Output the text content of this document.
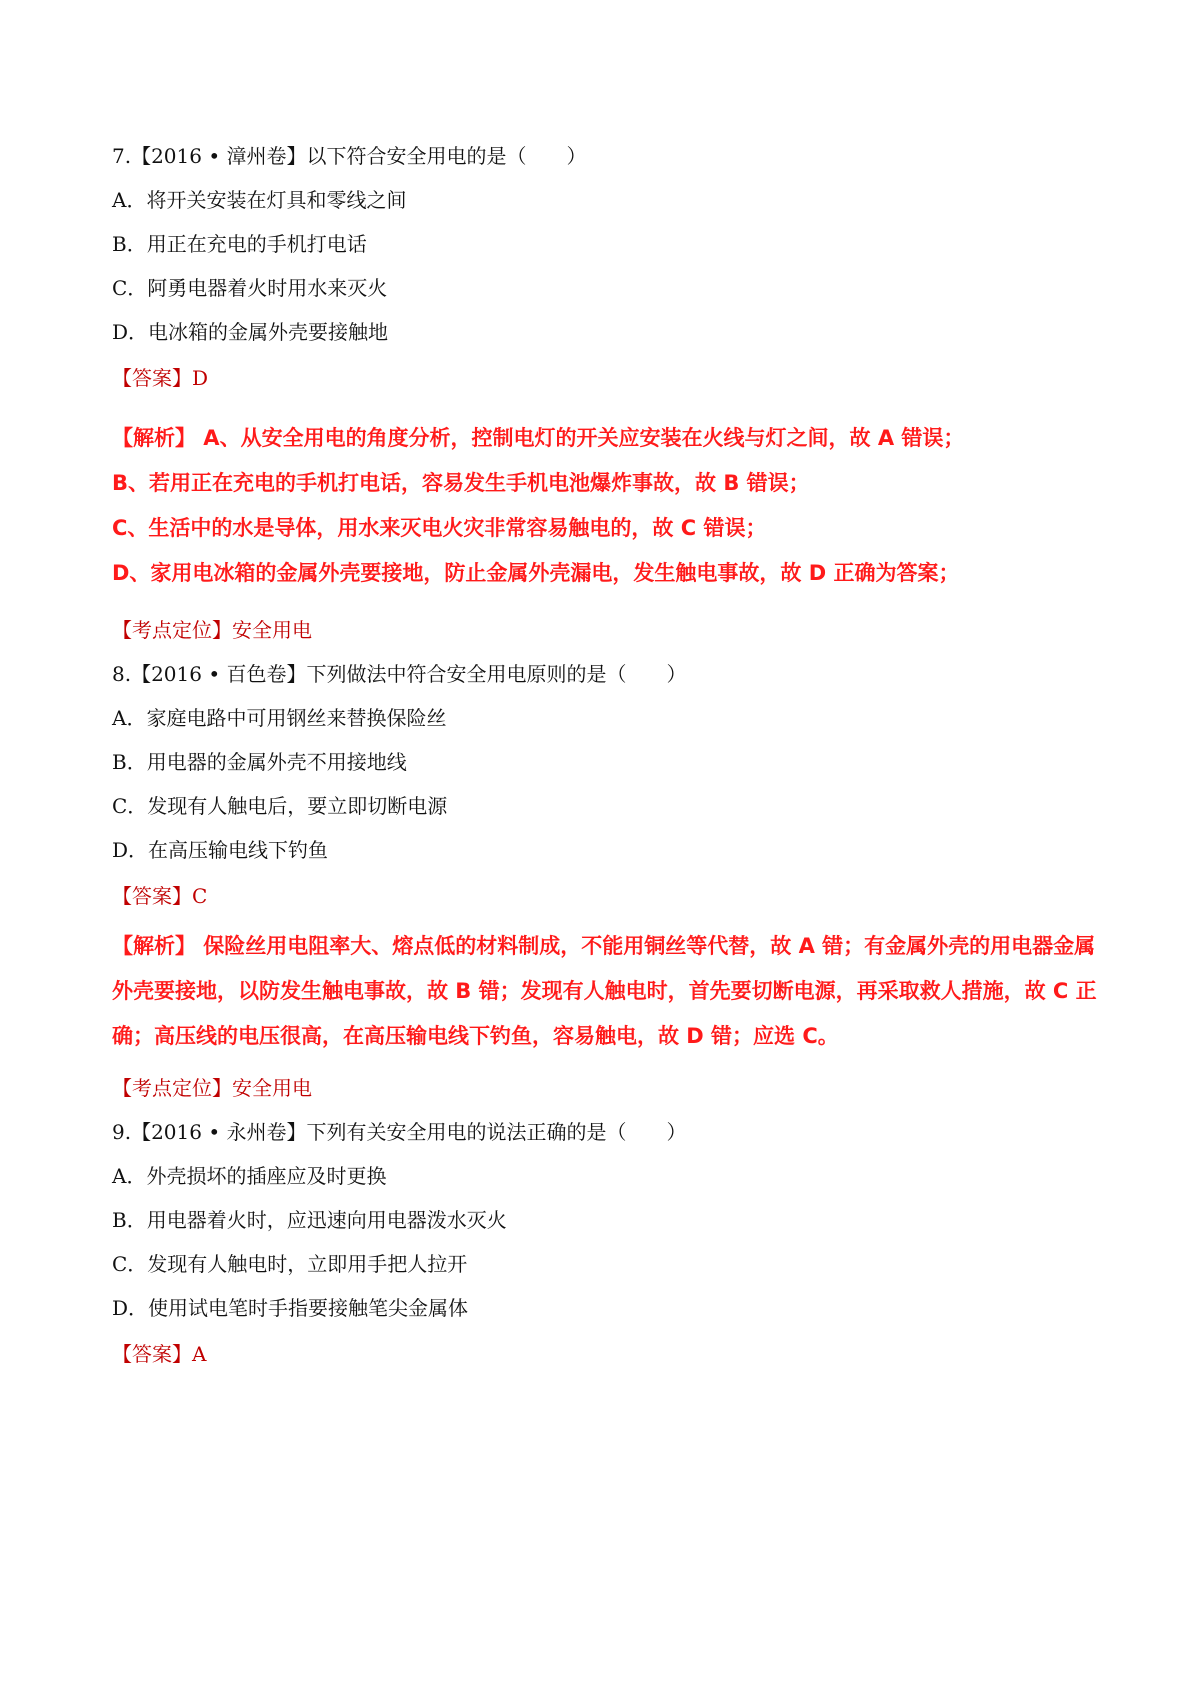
7.【2016 • 漳州卷】以下符合安全用电的是（　　）
A．将开关安装在灯具和零线之间
B．用正在充电的手机打电话
C．阿勇电器着火时用水来灭火
D．电冰箱的金属外壳要接触地
【答案】D

【解析】 A、从安全用电的角度分析，控制电灯的开关应安装在火线与灯之间，故 A 错误；

B、若用正在充电的手机打电话，容易发生手机电池爆炸事故，故 B 错误；

C、生活中的水是导体，用水来灭电火灾非常容易触电的，故 C 错误；

D、家用电冰箱的金属外壳要接地，防止金属外壳漏电，发生触电事故，故 D 正确为答案；

【考点定位】安全用电
8.【2016 • 百色卷】下列做法中符合安全用电原则的是（　　）
A．家庭电路中可用钢丝来替换保险丝
B．用电器的金属外壳不用接地线
C．发现有人触电后，要立即切断电源
D．在高压输电线下钓鱼
【答案】C

【解析】 保险丝用电阻率大、熔点低的材料制成，不能用铜丝等代替，故 A 错；有金属外壳的用电器金属

外壳要接地，以防发生触电事故，故 B 错；发现有人触电时，首先要切断电源，再采取救人措施，故 C 正

确；高压线的电压很高，在高压输电线下钓鱼，容易触电，故 D 错；应选 C。

【考点定位】安全用电
9.【2016 • 永州卷】下列有关安全用电的说法正确的是（　　）
A．外壳损坏的插座应及时更换
B．用电器着火时，应迅速向用电器泼水灭火
C．发现有人触电时，立即用手把人拉开
D．使用试电笔时手指要接触笔尖金属体
【答案】A
